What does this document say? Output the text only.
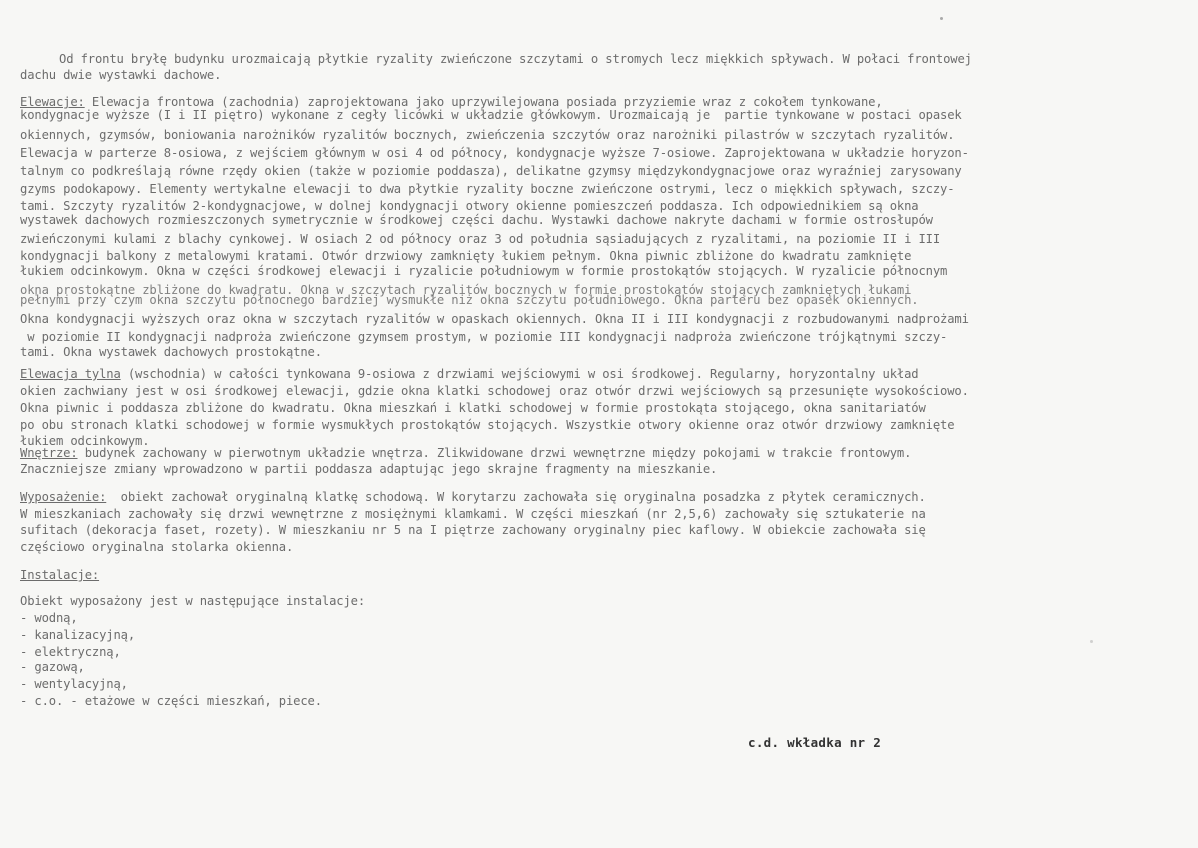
Od frontu bryłę budynku urozmaicają płytkie ryzality zwieńczone szczytami o stromych lecz miękkich spływach. W połaci frontowej
dachu dwie wystawki dachowe.
Elewacje: Elewacja frontowa (zachodnia) zaprojektowana jako uprzywilejowana posiada przyziemie wraz z cokołem tynkowane,
kondygnacje wyższe (I i II piętro) wykonane z cegły licówki w układzie główkowym. Urozmaicają je  partie tynkowane w postaci opasek
okiennych, gzymsów, boniowania narożników ryzalitów bocznych, zwieńczenia szczytów oraz narożniki pilastrów w szczytach ryzalitów.
Elewacja w parterze 8-osiowa, z wejściem głównym w osi 4 od północy, kondygnacje wyższe 7-osiowe. Zaprojektowana w układzie horyzon-
talnym co podkreślają równe rzędy okien (także w poziomie poddasza), delikatne gzymsy międzykondygnacjowe oraz wyraźniej zarysowany
gzyms podokapowy. Elementy wertykalne elewacji to dwa płytkie ryzality boczne zwieńczone ostrymi, lecz o miękkich spływach, szczy-
tami. Szczyty ryzalitów 2-kondygnacjowe, w dolnej kondygnacji otwory okienne pomieszczeń poddasza. Ich odpowiednikiem są okna
wystawek dachowych rozmieszczonych symetrycznie w środkowej części dachu. Wystawki dachowe nakryte dachami w formie ostrosłupów
zwieńczonymi kulami z blachy cynkowej. W osiach 2 od północy oraz 3 od południa sąsiadujących z ryzalitami, na poziomie II i III
kondygnacji balkony z metalowymi kratami. Otwór drzwiowy zamknięty łukiem pełnym. Okna piwnic zbliżone do kwadratu zamknięte
łukiem odcinkowym. Okna w części środkowej elewacji i ryzalicie południowym w formie prostokątów stojących. W ryzalicie północnym
okna prostokątne zbliżone do kwadratu. Okna w szczytach ryzalitów bocznych w formie prostokątów stojących zamkniętych łukami
pełnymi przy czym okna szczytu północnego bardziej wysmukłe niż okna szczytu południowego. Okna parteru bez opasek okiennych.
Okna kondygnacji wyższych oraz okna w szczytach ryzalitów w opaskach okiennych. Okna II i III kondygnacji z rozbudowanymi nadprożami
w poziomie II kondygnacji nadproża zwieńczone gzymsem prostym, w poziomie III kondygnacji nadproża zwieńczone trójkątnymi szczy-
tami. Okna wystawek dachowych prostokątne.
Elewacja tylna (wschodnia) w całości tynkowana 9-osiowa z drzwiami wejściowymi w osi środkowej. Regularny, horyzontalny układ
okien zachwiany jest w osi środkowej elewacji, gdzie okna klatki schodowej oraz otwór drzwi wejściowych są przesunięte wysokościowo.
Okna piwnic i poddasza zbliżone do kwadratu. Okna mieszkań i klatki schodowej w formie prostokąta stojącego, okna sanitariatów
po obu stronach klatki schodowej w formie wysmukłych prostokątów stojących. Wszystkie otwory okienne oraz otwór drzwiowy zamknięte
łukiem odcinkowym.
Wnętrze: budynek zachowany w pierwotnym układzie wnętrza. Zlikwidowane drzwi wewnętrzne między pokojami w trakcie frontowym.
Znaczniejsze zmiany wprowadzono w partii poddasza adaptując jego skrajne fragmenty na mieszkanie.
Wyposażenie:  obiekt zachował oryginalną klatkę schodową. W korytarzu zachowała się oryginalna posadzka z płytek ceramicznych.
W mieszkaniach zachowały się drzwi wewnętrzne z mosiężnymi klamkami. W części mieszkań (nr 2,5,6) zachowały się sztukaterie na
sufitach (dekoracja faset, rozety). W mieszkaniu nr 5 na I piętrze zachowany oryginalny piec kaflowy. W obiekcie zachowała się
częściowo oryginalna stolarka okienna.
Instalacje:
Obiekt wyposażony jest w następujące instalacje:
- wodną,
- kanalizacyjną,
- elektryczną,
- gazową,
- wentylacyjną,
- c.o. - etażowe w części mieszkań, piece.
c.d. wkładka nr 2
